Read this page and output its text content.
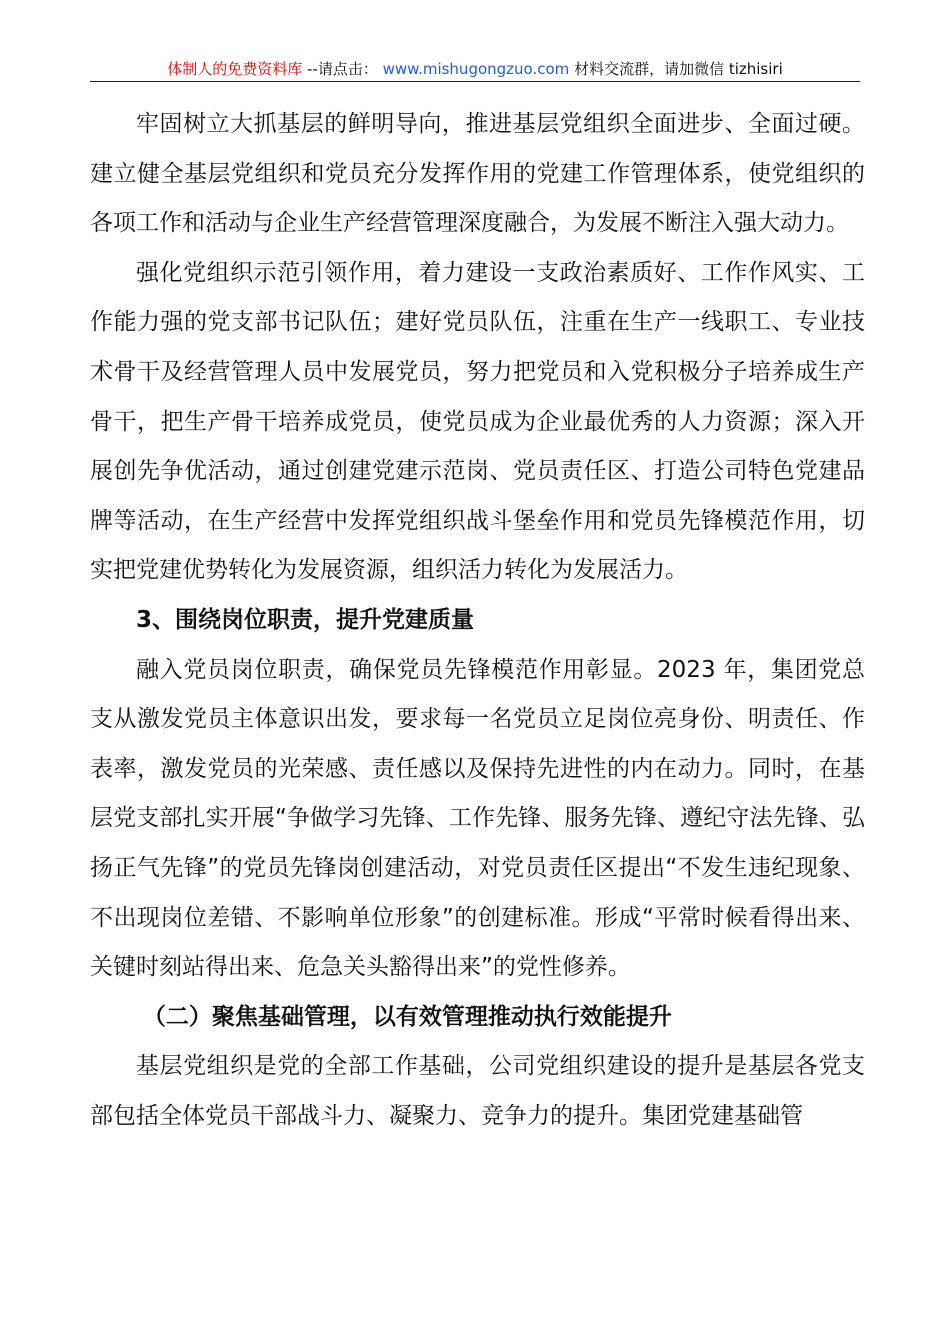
体制人的免费资料库 --请点击： www.mishugongzuo.com 材料交流群，请加微信 tizhisiri

牢固树立大抓基层的鲜明导向，推进基层党组织全面进步、全面过硬。建立健全基层党组织和党员充分发挥作用的党建工作管理体系，使党组织的各项工作和活动与企业生产经营管理深度融合，为发展不断注入强大动力。

强化党组织示范引领作用，着力建设一支政治素质好、工作作风实、工作能力强的党支部书记队伍；建好党员队伍，注重在生产一线职工、专业技术骨干及经营管理人员中发展党员，努力把党员和入党积极分子培养成生产骨干，把生产骨干培养成党员，使党员成为企业最优秀的人力资源；深入开展创先争优活动，通过创建党建示范岗、党员责任区、打造公司特色党建品牌等活动，在生产经营中发挥党组织战斗堡垒作用和党员先锋模范作用，切实把党建优势转化为发展资源，组织活力转化为发展活力。

3、围绕岗位职责，提升党建质量

融入党员岗位职责，确保党员先锋模范作用彰显。2023 年，集团党总支从激发党员主体意识出发，要求每一名党员立足岗位亮身份、明责任、作表率，激发党员的光荣感、责任感以及保持先进性的内在动力。同时，在基层党支部扎实开展“争做学习先锋、工作先锋、服务先锋、遵纪守法先锋、弘扬正气先锋”的党员先锋岗创建活动，对党员责任区提出“不发生违纪现象、不出现岗位差错、不影响单位形象”的创建标准。形成“平常时候看得出来、关键时刻站得出来、危急关头豁得出来”的党性修养。

（二）聚焦基础管理，以有效管理推动执行效能提升

基层党组织是党的全部工作基础，公司党组织建设的提升是基层各党支部包括全体党员干部战斗力、凝聚力、竞争力的提升。集团党建基础管
